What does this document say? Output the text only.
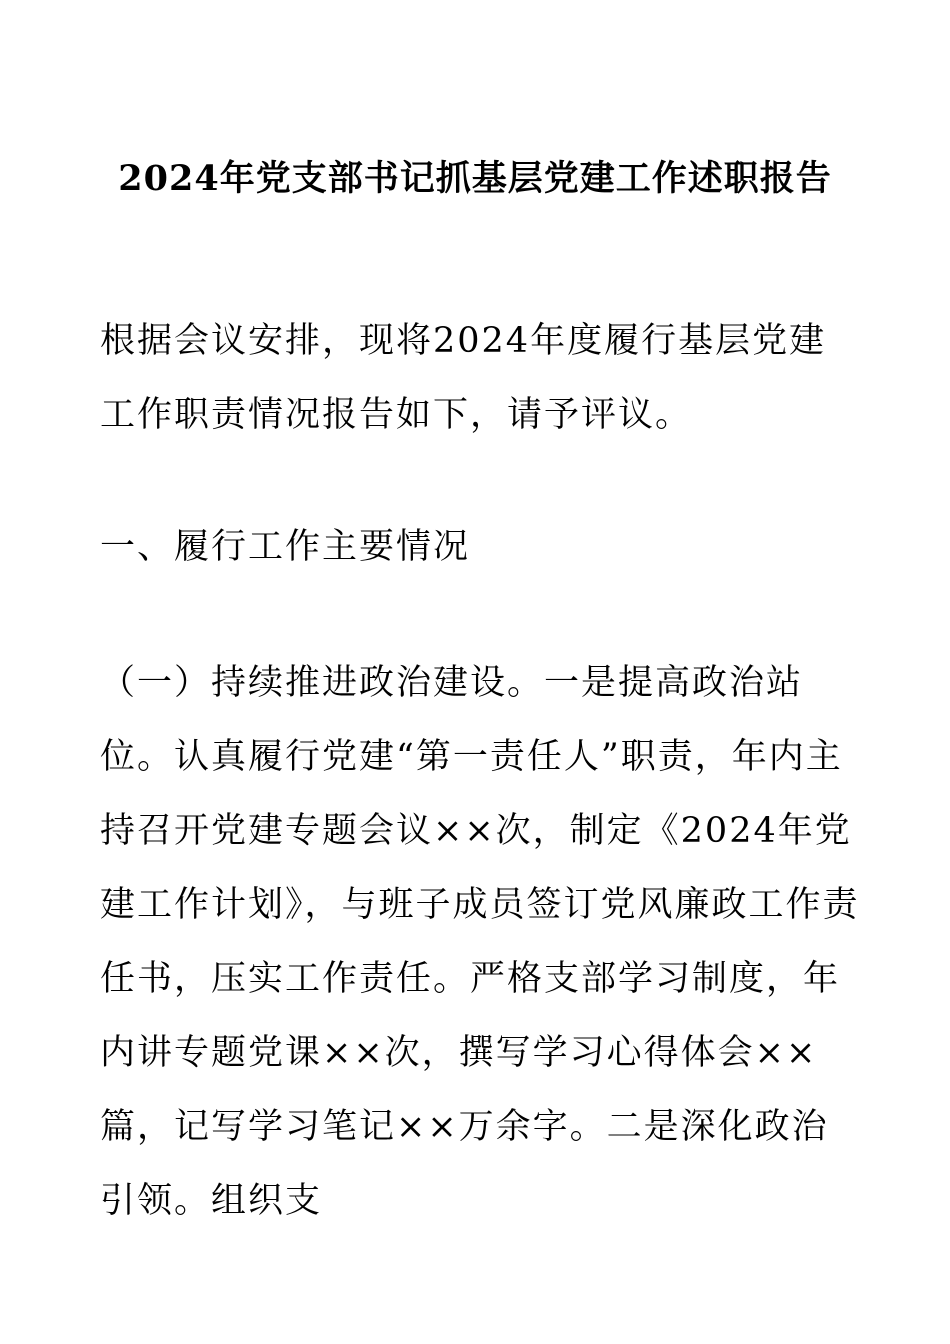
2024年党支部书记抓基层党建工作述职报告
根据会议安排，现将2024年度履行基层党建工作职责情况报告如下，请予评议。
一、履行工作主要情况
（一）持续推进政治建设。一是提高政治站位。认真履行党建“第一责任人”职责，年内主持召开党建专题会议××次，制定《2024年党建工作计划》，与班子成员签订党风廉政工作责任书，压实工作责任。严格支部学习制度，年内讲专题党课××次，撰写学习心得体会××篇，记写学习笔记××万余字。二是深化政治引领。组织支
